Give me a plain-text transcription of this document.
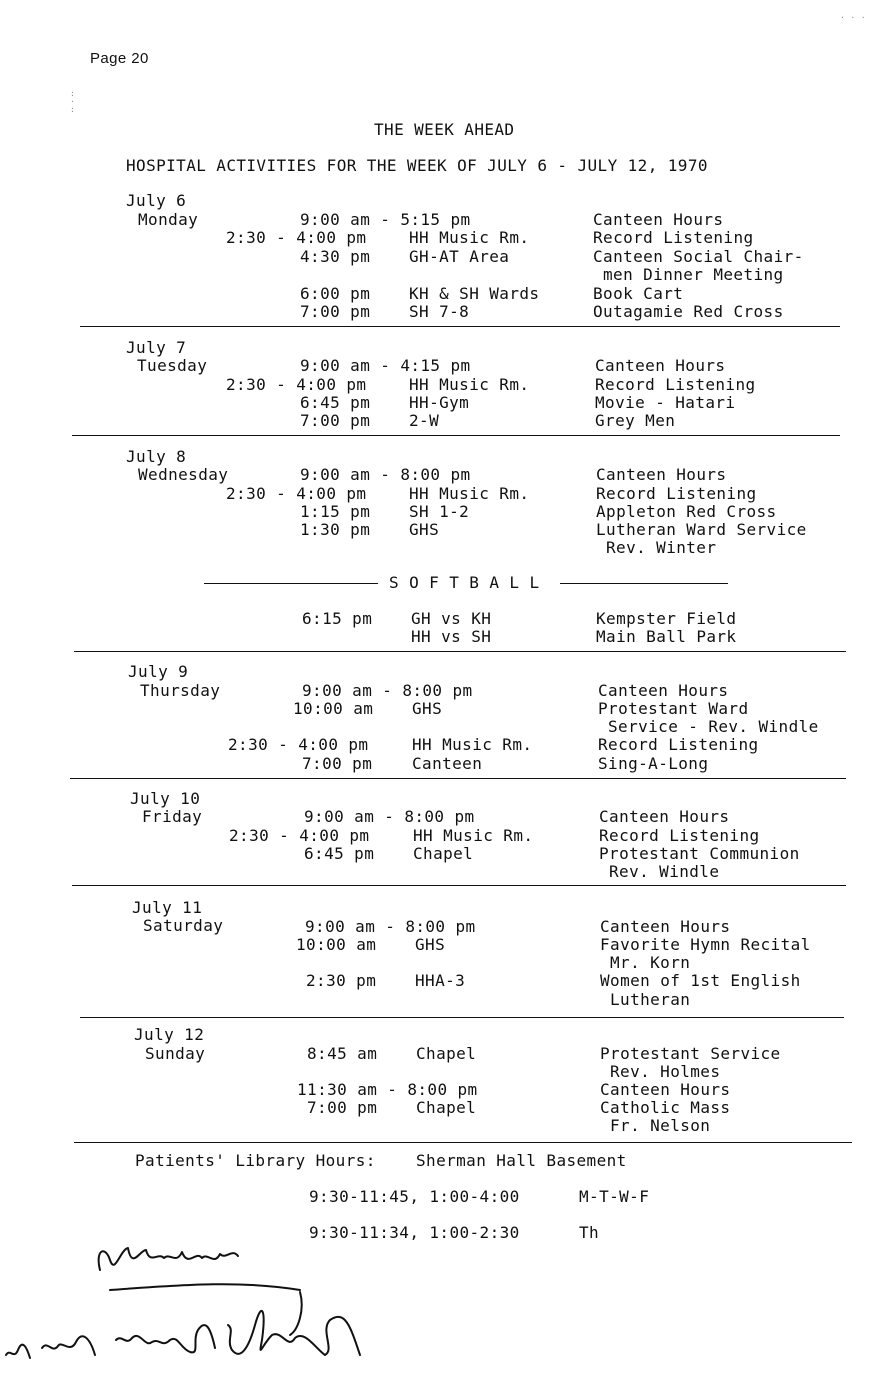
Page 20
:
·
:
· · ·
THE WEEK AHEAD
HOSPITAL ACTIVITIES FOR THE WEEK OF JULY 6 - JULY 12, 1970
July 6
Monday	9:00 am - 5:15 pm	Canteen Hours
2:30 - 4:00 pm	HH Music Rm.	Record Listening
4:30 pm GH-AT Area	Canteen Social Chair-
men Dinner Meeting
6:00 pm KH & SH Wards	Book Cart
7:00 pm SH 7-8	Outagamie Red Cross
July 7
Tuesday	9:00 am - 4:15 pm	Canteen Hours
2:30 - 4:00 pm	HH Music Rm.	Record Listening
6:45 pm HH-Gym	Movie - Hatari
7:00 pm 2-W	Grey Men
July 8
Wednesday	9:00 am - 8:00 pm	Canteen Hours
2:30 - 4:00 pm	HH Music Rm.	Record Listening
1:15 pm SH 1-2	Appleton Red Cross
1:30 pm GHS	Lutheran Ward Service
Rev. Winter
S O F T B A L L
6:15 pm GH vs KH	Kempster Field
HH vs SH	Main Ball Park
July 9
Thursday	9:00 am - 8:00 pm	Canteen Hours
10:00 am GHS	Protestant Ward
Service - Rev. Windle
2:30 - 4:00 pm	HH Music Rm.	Record Listening
7:00 pm Canteen	Sing-A-Long
July 10
Friday	9:00 am - 8:00 pm	Canteen Hours
2:30 - 4:00 pm	HH Music Rm.	Record Listening
6:45 pm Chapel	Protestant Communion
Rev. Windle
July 11
Saturday	9:00 am - 8:00 pm	Canteen Hours
10:00 am GHS	Favorite Hymn Recital
Mr. Korn
2:30 pm HHA-3	Women of 1st English
Lutheran
July 12
Sunday	8:45 am Chapel	Protestant Service
Rev. Holmes
11:30 am - 8:00 pm	Canteen Hours
7:00 pm Chapel	Catholic Mass
Fr. Nelson
Patients' Library Hours:	Sherman Hall Basement
9:30-11:45, 1:00-4:00	M-T-W-F
9:30-11:34, 1:00-2:30	Th
